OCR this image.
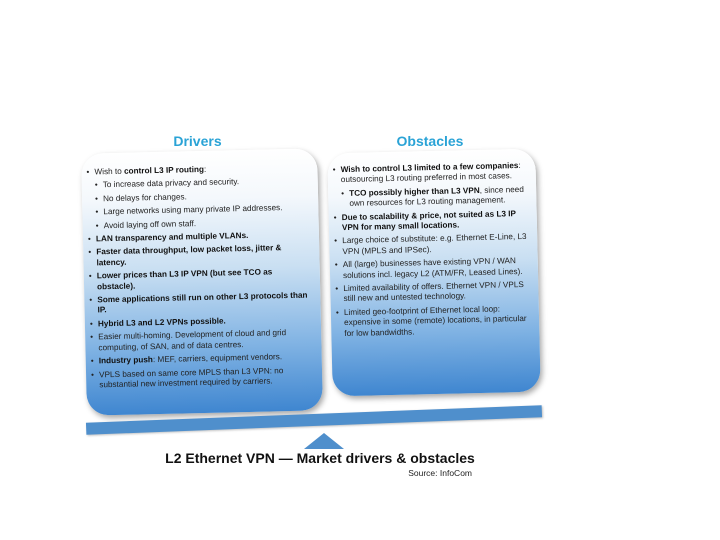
Drivers	Obstacles
• Wish to control L3 IP routing:
• To increase data privacy and security.
• No delays for changes.
• Large networks using many private IP addresses.
• Avoid laying off own staff.
• LAN transparency and multiple VLANs.
• Faster data throughput, low packet loss, jitter & latency.
• Lower prices than L3 IP VPN (but see TCO as obstacle).
• Some applications still run on other L3 protocols than IP.
• Hybrid L3 and L2 VPNs possible.
• Easier multi-homing. Development of cloud and grid computing, of SAN, and of data centres.
• Industry push: MEF, carriers, equipment vendors.
• VPLS based on same core MPLS than L3 VPN: no substantial new investment required by carriers.
• Wish to control L3 limited to a few companies: outsourcing L3 routing preferred in most cases.
• TCO possibly higher than L3 VPN, since need own resources for L3 routing management.
• Due to scalability & price, not suited as L3 IP VPN for many small locations.
• Large choice of substitute: e.g. Ethernet E-Line, L3 VPN (MPLS and IPSec).
• All (large) businesses have existing VPN / WAN solutions incl. legacy L2 (ATM/FR, Leased Lines).
• Limited availability of offers. Ethernet VPN / VPLS still new and untested technology.
• Limited geo-footprint of Ethernet local loop: expensive in some (remote) locations, in particular for low bandwidths.
L2 Ethernet VPN — Market drivers & obstacles
Source: InfoCom
